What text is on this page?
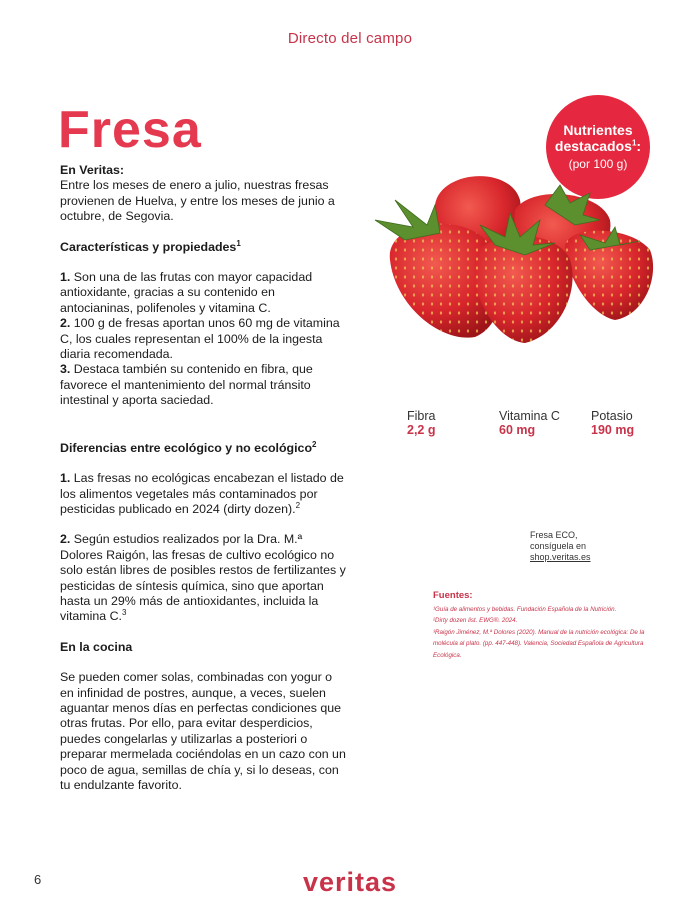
Directo del campo
Fresa

En Veritas:

Entre los meses de enero a julio, nuestras fresas provienen de Huelva, y entre los meses de junio a octubre, de Segovia.

Características y propiedades$^1$

1. Son una de las frutas con mayor capacidad antioxidante, gracias a su contenido en antocianinas, polifenoles y vitamina C.

2. 100 g de fresas aportan unos 60 mg de vitamina C, los cuales representan el 100% de la ingesta diaria recomendada.

3. Destaca también su contenido en fibra, que favorece el mantenimiento del normal tránsito intestinal y aporta saciedad.

Diferencias entre ecológico y no ecológico$^2$

1. Las fresas no ecológicas encabezan el listado de los alimentos vegetales más contaminados por pesticidas publicado en 2024 (dirty dozen).$^2$

2. Según estudios realizados por la Dra. M.ª Dolores Raigón, las fresas de cultivo ecológico no solo están libres de posibles restos de fertilizantes y pesticidas de síntesis química, sino que aportan hasta un 29% más de antioxidantes, incluida la vitamina C.$^3$

En la cocina

Se pueden comer solas, combinadas con yogur o en infinidad de postres, aunque, a veces, suelen aguantar menos días en perfectas condiciones que otras frutas. Por ello, para evitar desperdicios, puedes congelarlas y utilizarlas a posteriori o preparar mermelada cociéndolas en un cazo con un poco de agua, semillas de chía y, si lo deseas, con tu endulzante favorito.

Nutrientes
destacados$^1$:
(por 100 g)
Fibra
2,2 g
Vitamina C
60 mg
Potasio
190 mg
Fresa ECO,
consíguela en
shop.veritas.es
Fuentes:
¹Guía de alimentos y bebidas. Fundación Española de la Nutrición.
²Dirty dozen list. EWG®. 2024.
³Raigón Jiménez, M.ª Dolores (2020). Manual de la nutrición ecológica: De la molécula al plato. (pp. 447-448). Valencia, Sociedad Española de Agricultura Ecológica.
6	veritas
